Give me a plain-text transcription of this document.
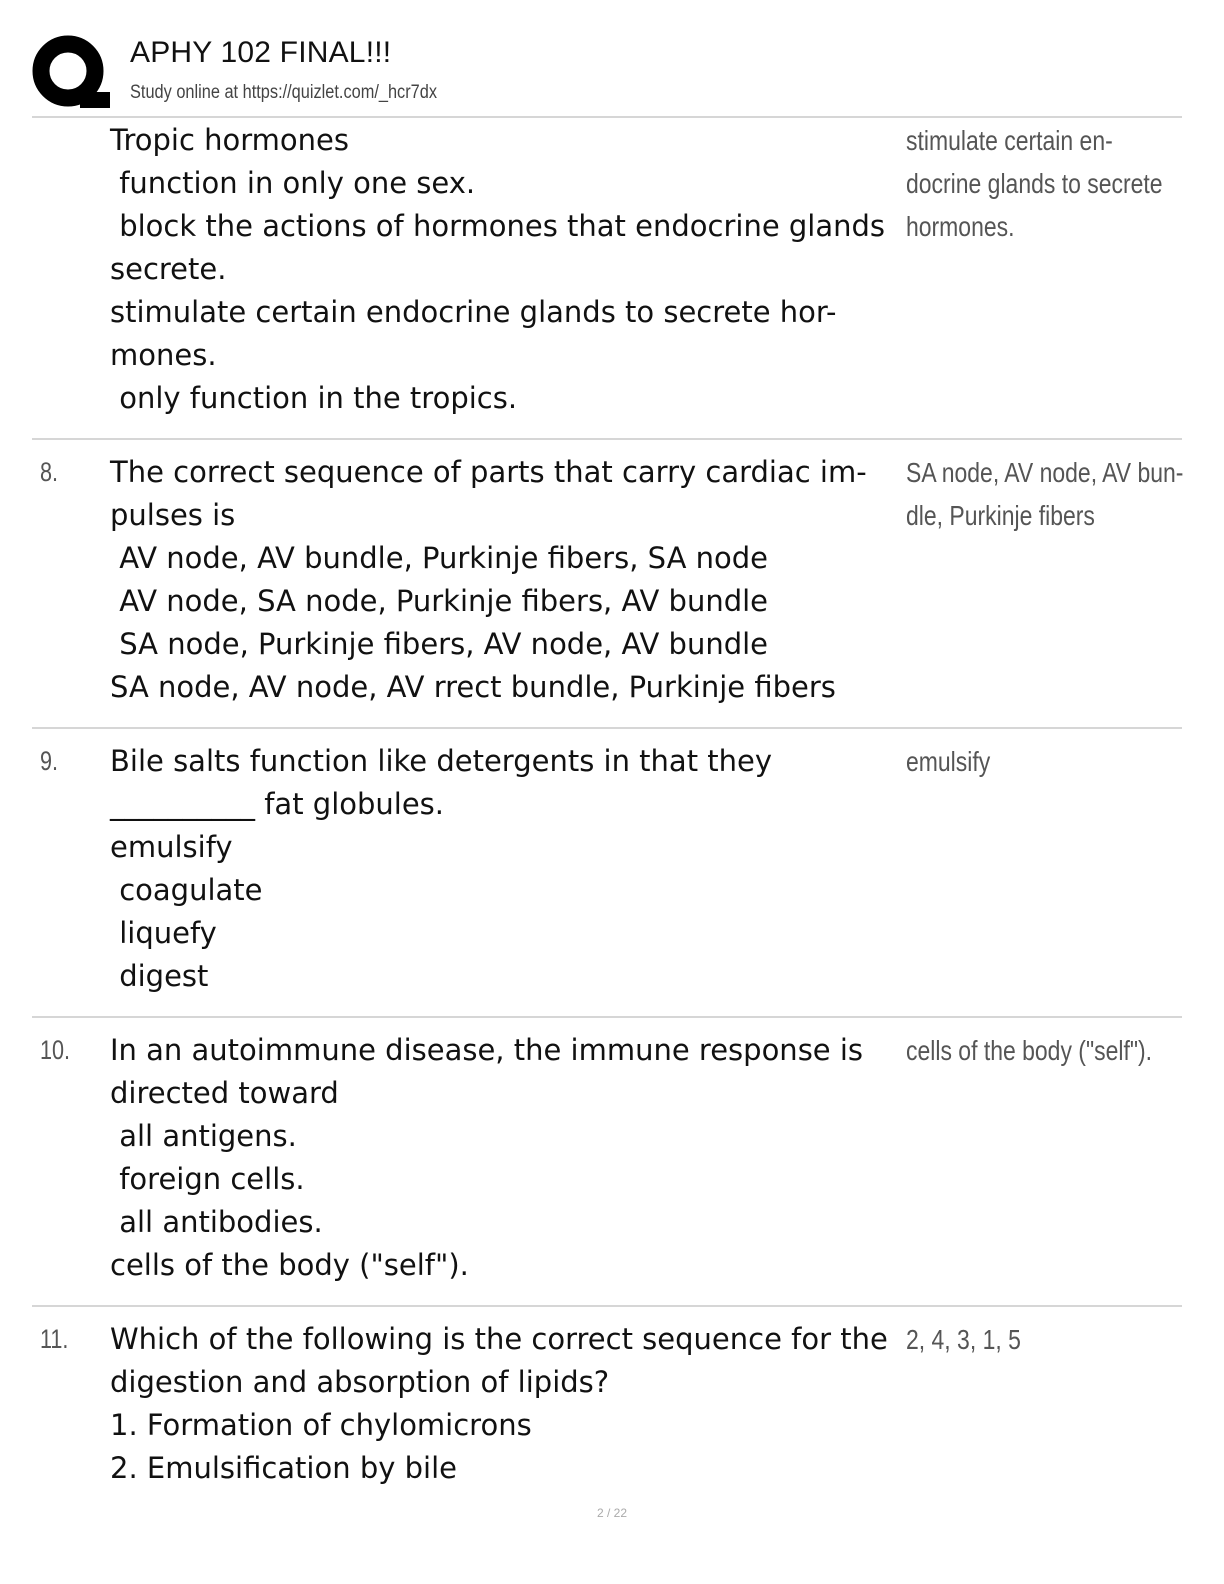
APHY 102 FINAL!!!
Study online at https://quizlet.com/_hcr7dx
Tropic hormones
function in only one sex.
block the actions of hormones that endocrine glands
secrete.
stimulate certain endocrine glands to secrete hor-
mones.
only function in the tropics.
stimulate certain en-
docrine glands to secrete
hormones.
8. The correct sequence of parts that carry cardiac im-
pulses is
AV node, AV bundle, Purkinje fibers, SA node
AV node, SA node, Purkinje fibers, AV bundle
SA node, Purkinje fibers, AV node, AV bundle
SA node, AV node, AV rrect bundle, Purkinje fibers
SA node, AV node, AV bun-
dle, Purkinje fibers
9. Bile salts function like detergents in that they
__________ fat globules.
emulsify
coagulate
liquefy
digest
emulsify
10. In an autoimmune disease, the immune response is
directed toward
all antigens.
foreign cells.
all antibodies.
cells of the body ("self").
cells of the body ("self").
11. Which of the following is the correct sequence for the
digestion and absorption of lipids?
1. Formation of chylomicrons
2. Emulsification by bile
2, 4, 3, 1, 5
2 / 22
